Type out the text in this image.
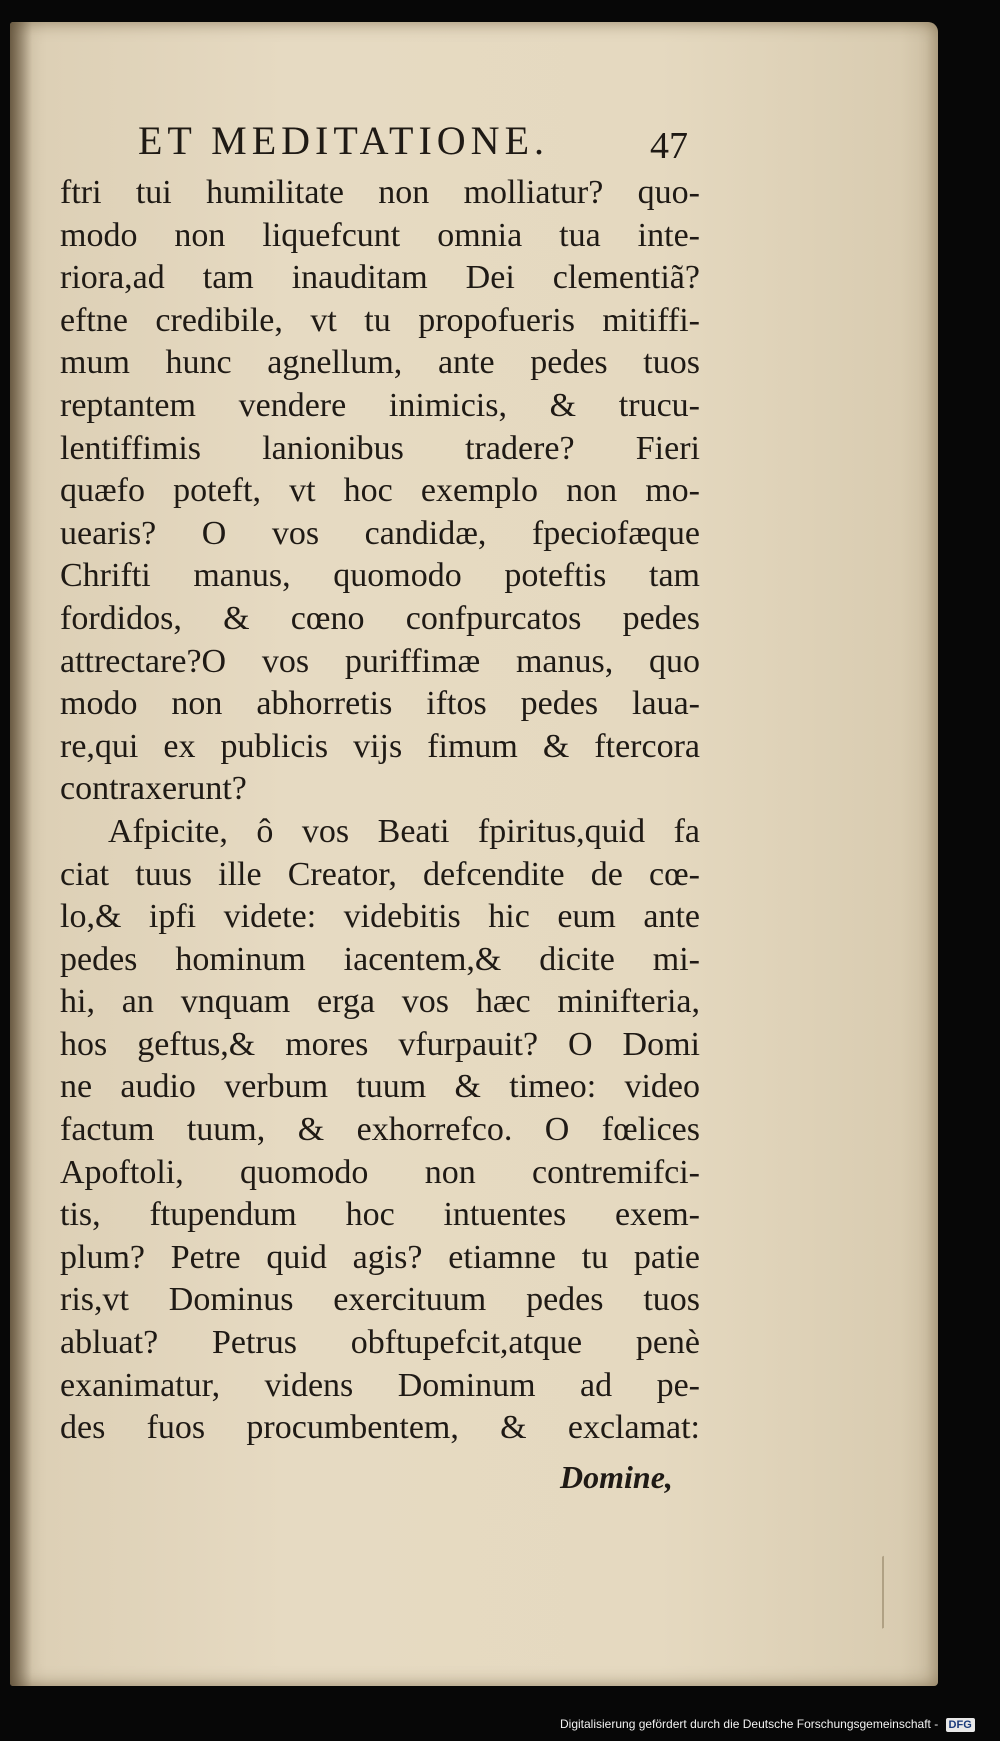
ET MEDITATIONE.	47
ftri tui humilitate non molliatur? quo-
modo non liquefcunt omnia tua inte-
riora,ad tam inauditam Dei clementiã?
eftne credibile, vt tu propofueris mitiffi-
mum hunc agnellum, ante pedes tuos
reptantem vendere inimicis, & trucu-
lentiffimis lanionibus tradere? Fieri
quæfo poteft, vt hoc exemplo non mo-
uearis? O vos candidæ, fpeciofæque
Chrifti manus, quomodo poteftis tam
fordidos, & cœno confpurcatos pedes
attrectare?O vos puriffimæ manus, quo
modo non abhorretis iftos pedes laua-
re,qui ex publicis vijs fimum & ftercora
contraxerunt?
Afpicite, ô vos Beati fpiritus,quid fa
ciat tuus ille Creator, defcendite de cœ-
lo,& ipfi videte: videbitis hic eum ante
pedes hominum iacentem,& dicite mi-
hi, an vnquam erga vos hæc minifteria,
hos geftus,& mores vfurpauit? O Domi
ne audio verbum tuum & timeo: video
factum tuum, & exhorrefco. O fœlices
Apoftoli, quomodo non contremifci-
tis, ftupendum hoc intuentes exem-
plum? Petre quid agis? etiamne tu patie
ris,vt Dominus exercituum pedes tuos
abluat? Petrus obftupefcit,atque penè
exanimatur, videns Dominum ad pe-
des fuos procumbentem, & exclamat:
Domine,
Digitalisierung gefördert durch die Deutsche Forschungsgemeinschaft - DFG
